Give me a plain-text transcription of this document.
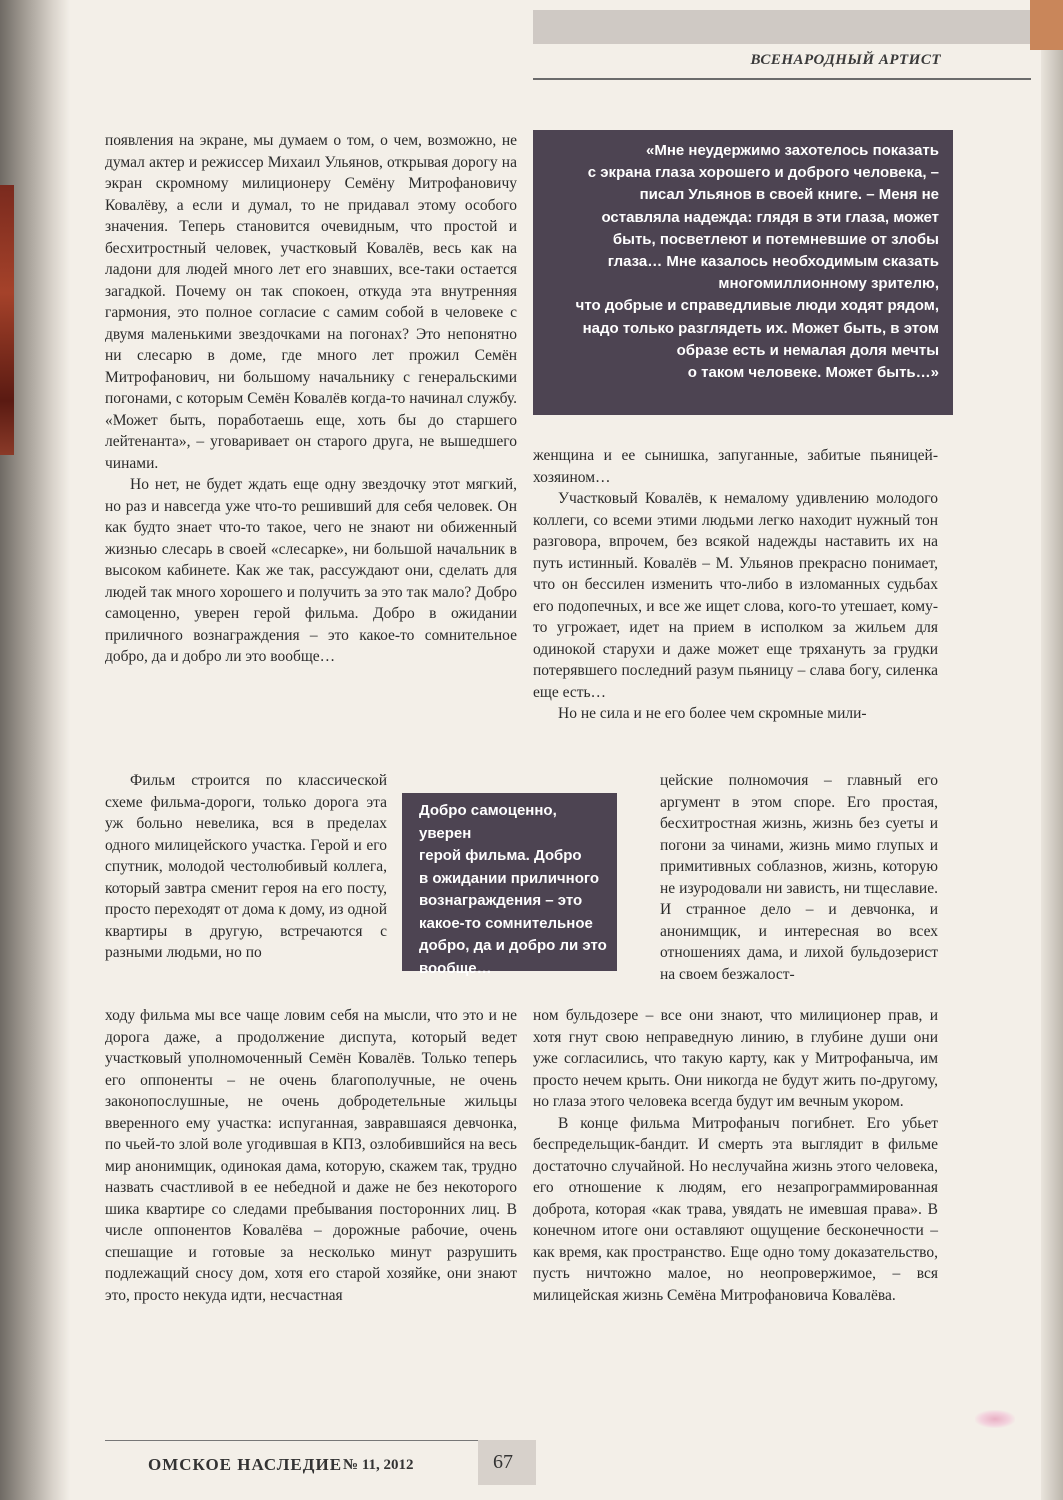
ВСЕНАРОДНЫЙ АРТИСТ

появления на экране, мы думаем о том, о чем, возможно, не думал актер и режиссер Михаил Ульянов, открывая дорогу на экран скромному милиционеру Семёну Митрофановичу Ковалёву, а если и думал, то не придавал этому особого значения. Теперь становится очевидным, что простой и бесхитростный человек, участковый Ковалёв, весь как на ладони для людей много лет его знавших, все-таки остается загадкой. Почему он так спокоен, откуда эта внутренняя гармония, это полное согласие с самим собой в человеке с двумя маленькими звездочками на погонах? Это непонятно ни слесарю в доме, где много лет прожил Семён Митрофанович, ни большому начальнику с генеральскими погонами, с которым Семён Ковалёв когда-то начинал службу. «Может быть, поработаешь еще, хоть бы до старшего лейтенанта», – уговаривает он старого друга, не вышедшего чинами.

Но нет, не будет ждать еще одну звездочку этот мягкий, но раз и навсегда уже что-то решивший для себя человек. Он как будто знает что-то такое, чего не знают ни обиженный жизнью слесарь в своей «слесарке», ни большой начальник в высоком кабинете. Как же так, рассуждают они, сделать для людей так много хорошего и получить за это так мало? Добро самоценно, уверен герой фильма. Добро в ожидании приличного вознаграждения – это какое-то сомнительное добро, да и добро ли это вообще…

Фильм строится по классической схеме фильма-дороги, только дорога эта уж больно невелика, вся в пределах одного милицейского участка. Герой и его спутник, молодой честолюбивый коллега, который завтра сменит героя на его посту, просто переходят от дома к дому, из одной квартиры в другую, встречаются с разными людьми, но по

Добро самоценно, уверен
герой фильма. Добро
в ожидании приличного
вознаграждения – это
какое-то сомнительное
добро, да и добро ли это
вообще…

ходу фильма мы все чаще ловим себя на мысли, что это и не дорога даже, а продолжение диспута, который ведет участковый уполномоченный Семён Ковалёв. Только теперь его оппоненты – не очень благополучные, не очень законопослушные, не очень добродетельные жильцы вверенного ему участка: испуганная, завравшаяся девчонка, по чьей-то злой воле угодившая в КПЗ, озлобившийся на весь мир анонимщик, одинокая дама, которую, скажем так, трудно назвать счастливой в ее небедной и даже не без некоторого шика квартире со следами пребывания посторонних лиц. В числе оппонентов Ковалёва – дорожные рабочие, очень спешащие и готовые за несколько минут разрушить подлежащий сносу дом, хотя его старой хозяйке, они знают это, просто некуда идти, несчастная

«Мне неудержимо захотелось показать
с экрана глаза хорошего и доброго человека, –
писал Ульянов в своей книге. – Меня не
оставляла надежда: глядя в эти глаза, может
быть, посветлеют и потемневшие от злобы
глаза… Мне казалось необходимым сказать
многомиллионному зрителю,
что добрые и справедливые люди ходят рядом,
надо только разглядеть их. Может быть, в этом
образе есть и немалая доля мечты
о таком человеке. Может быть…»

женщина и ее сынишка, запуганные, забитые пьяницей-хозяином…

Участковый Ковалёв, к немалому удивлению молодого коллеги, со всеми этими людьми легко находит нужный тон разговора, впрочем, без всякой надежды наставить их на путь истинный. Ковалёв – М. Ульянов прекрасно понимает, что он бессилен изменить что-либо в изломанных судьбах его подопечных, и все же ищет слова, кого-то утешает, кому-то угрожает, идет на прием в исполком за жильем для одинокой старухи и даже может еще тряхануть за грудки потерявшего последний разум пьяницу – слава богу, силенка еще есть…

Но не сила и не его более чем скромные мили-

цейские полномочия – главный его аргумент в этом споре. Его простая, бесхитростная жизнь, жизнь без суеты и погони за чинами, жизнь мимо глупых и примитивных соблазнов, жизнь, которую не изуродовали ни зависть, ни тщеславие. И странное дело – и девчонка, и анонимщик, и интересная во всех отношениях дама, и лихой бульдозерист на своем безжалост-

ном бульдозере – все они знают, что милиционер прав, и хотя гнут свою неправедную линию, в глубине души они уже согласились, что такую карту, как у Митрофаныча, им просто нечем крыть. Они никогда не будут жить по-другому, но глаза этого человека всегда будут им вечным укором.

В конце фильма Митрофаныч погибнет. Его убьет беспредельщик-бандит. И смерть эта выглядит в фильме достаточно случайной. Но неслучайна жизнь этого человека, его отношение к людям, его незапрограммированная доброта, которая «как трава, увядать не имевшая права». В конечном итоге они оставляют ощущение бесконечности – как время, как пространство. Еще одно тому доказательство, пусть ничтожно малое, но неопровержимое, – вся милицейская жизнь Семёна Митрофановича Ковалёва.

ОМСКОЕ НАСЛЕДИЕ № 11, 2012	67
